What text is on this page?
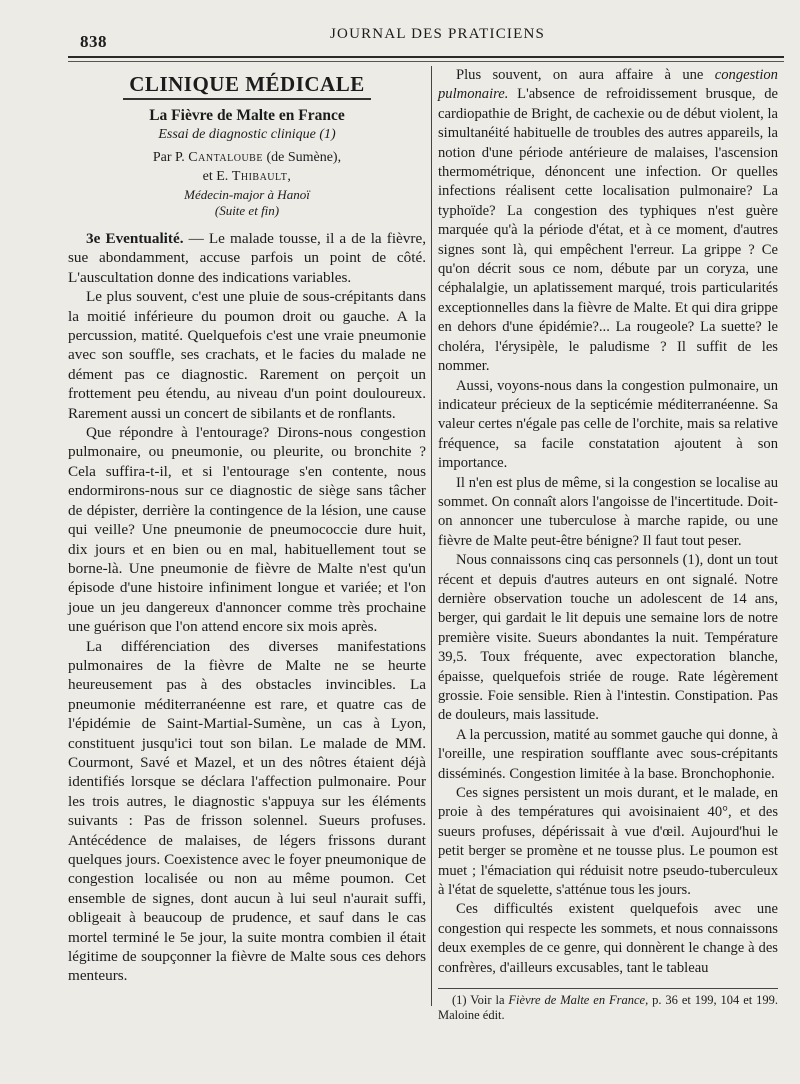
838	JOURNAL DES PRATICIENS
CLINIQUE MÉDICALE
La Fièvre de Malte en France
Essai de diagnostic clinique (1)
Par P. Cantaloube (de Sumène),
et E. Thibault,
Médecin-major à Hanoï
(Suite et fin)

3e Eventualité. — Le malade tousse, il a de la fièvre, sue abondamment, accuse parfois un point de côté. L'auscultation donne des indications variables.

Le plus souvent, c'est une pluie de sous-crépitants dans la moitié inférieure du poumon droit ou gauche. A la percussion, matité. Quelquefois c'est une vraie pneumonie avec son souffle, ses crachats, et le facies du malade ne dément pas ce diagnostic. Rarement on perçoit un frottement peu étendu, au niveau d'un point douloureux. Rarement aussi un concert de sibilants et de ronflants.

Que répondre à l'entourage? Dirons-nous congestion pulmonaire, ou pneumonie, ou pleurite, ou bronchite ? Cela suffira-t-il, et si l'entourage s'en contente, nous endormirons-nous sur ce diagnostic de siège sans tâcher de dépister, derrière la contingence de la lésion, une cause qui veille? Une pneumonie de pneumococcie dure huit, dix jours et en bien ou en mal, habituellement tout se borne-là. Une pneumonie de fièvre de Malte n'est qu'un épisode d'une histoire infiniment longue et variée; et l'on joue un jeu dangereux d'annoncer comme très prochaine une guérison que l'on attend encore six mois après.

La différenciation des diverses manifestations pulmonaires de la fièvre de Malte ne se heurte heureusement pas à des obstacles invincibles. La pneumonie méditerranéenne est rare, et quatre cas de l'épidémie de Saint-Martial-Sumène, un cas à Lyon, constituent jusqu'ici tout son bilan. Le malade de MM. Courmont, Savé et Mazel, et un des nôtres étaient déjà identifiés lorsque se déclara l'affection pulmonaire. Pour les trois autres, le diagnostic s'appuya sur les éléments suivants : Pas de frisson solennel. Sueurs profuses. Antécédence de malaises, de légers frissons durant quelques jours. Coexistence avec le foyer pneumonique de congestion localisée ou non au même poumon. Cet ensemble de signes, dont aucun à lui seul n'aurait suffi, obligeait à beaucoup de prudence, et sauf dans le cas mortel terminé le 5e jour, la suite montra combien il était légitime de soupçonner la fièvre de Malte sous ces dehors menteurs.

Plus souvent, on aura affaire à une congestion pulmonaire. L'absence de refroidissement brusque, de cardiopathie de Bright, de cachexie ou de début violent, la simultanéité habituelle de troubles des autres appareils, la notion d'une période antérieure de malaises, l'ascension thermométrique, dénoncent une infection. Or quelles infections réalisent cette localisation pulmonaire? La typhoïde? La congestion des typhiques n'est guère marquée qu'à la période d'état, et à ce moment, d'autres signes sont là, qui empêchent l'erreur. La grippe ? Ce qu'on décrit sous ce nom, débute par un coryza, une céphalalgie, un aplatissement marqué, trois particularités exceptionnelles dans la fièvre de Malte. Et qui dira grippe en dehors d'une épidémie?... La rougeole? La suette? le choléra, l'érysipèle, le paludisme ? Il suffit de les nommer.

Aussi, voyons-nous dans la congestion pulmonaire, un indicateur précieux de la septicémie méditerranéenne. Sa valeur certes n'égale pas celle de l'orchite, mais sa relative fréquence, sa facile constatation ajoutent à son importance.

Il n'en est plus de même, si la congestion se localise au sommet. On connaît alors l'angoisse de l'incertitude. Doit-on annoncer une tuberculose à marche rapide, ou une fièvre de Malte peut-être bénigne? Il faut tout peser.

Nous connaissons cinq cas personnels (1), dont un tout récent et depuis d'autres auteurs en ont signalé. Notre dernière observation touche un adolescent de 14 ans, berger, qui gardait le lit depuis une semaine lors de notre première visite. Sueurs abondantes la nuit. Température 39,5. Toux fréquente, avec expectoration blanche, épaisse, quelquefois striée de rouge. Rate légèrement grossie. Foie sensible. Rien à l'intestin. Constipation. Pas de douleurs, mais lassitude.

A la percussion, matité au sommet gauche qui donne, à l'oreille, une respiration soufflante avec sous-crépitants disséminés. Congestion limitée à la base. Bronchophonie.

Ces signes persistent un mois durant, et le malade, en proie à des températures qui avoisinaient 40°, et des sueurs profuses, dépérissait à vue d'œil. Aujourd'hui le petit berger se promène et ne tousse plus. Le poumon est muet ; l'émaciation qui réduisit notre pseudo-tuberculeux à l'état de squelette, s'atténue tous les jours.

Ces difficultés existent quelquefois avec une congestion qui respecte les sommets, et nous connaissons deux exemples de ce genre, qui donnèrent le change à des confrères, d'ailleurs excusables, tant le tableau

(1) Voir la Fièvre de Malte en France, p. 36 et 199, 104 et 199. Maloine édit.
